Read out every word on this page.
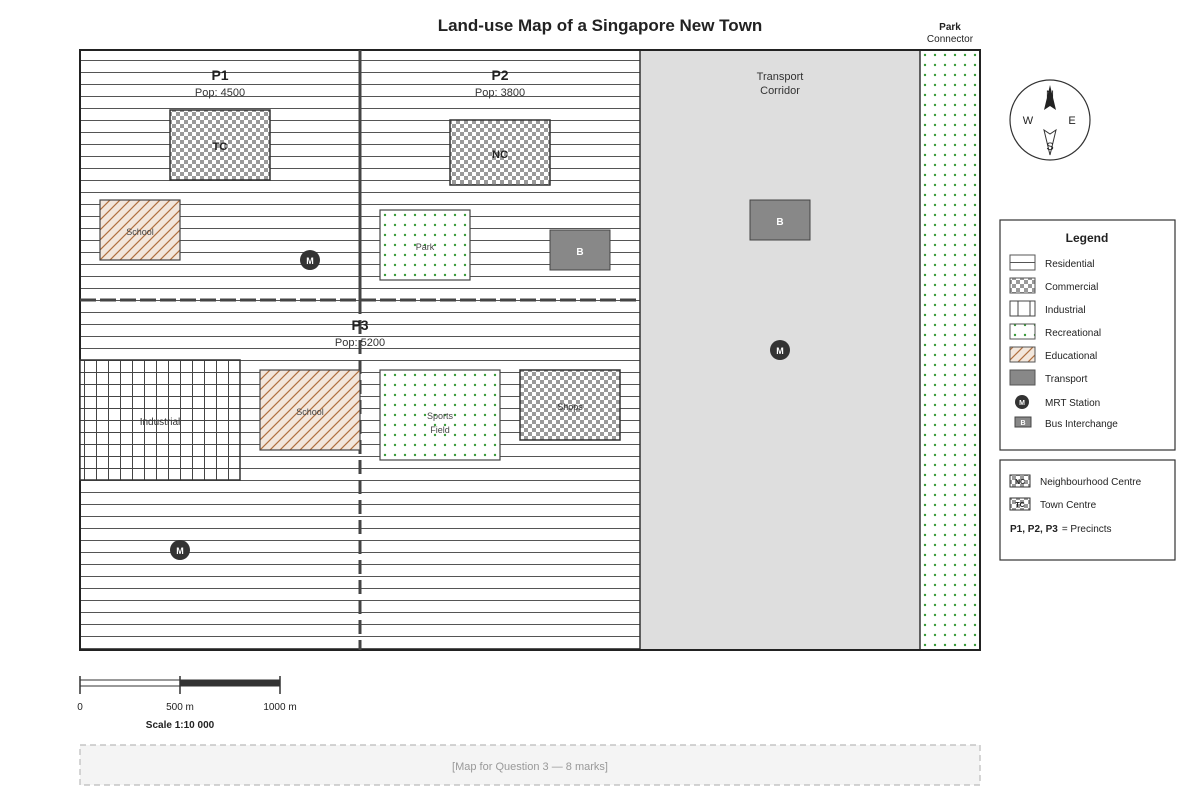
Land-use Map of a Singapore New Town	Park
Connector
P1
Pop: 4500
P2
Pop: 3800
P3
Pop: 5200
Transport
Corridor
TC
NC
School
Park	B
B
M
M
M
Industrial
School	Sports
Field
Shops
N
S
E
W
Legend
Residential
Commercial
Industrial
Recreational
Educational
Transport
M MRT Station
B Bus Interchange
NC Neighbourhood Centre
TC Town Centre
P1, P2, P3 = Precincts
0	500 m	1000 m
Scale 1:10 000
[Map for Question 3 — 8 marks]
